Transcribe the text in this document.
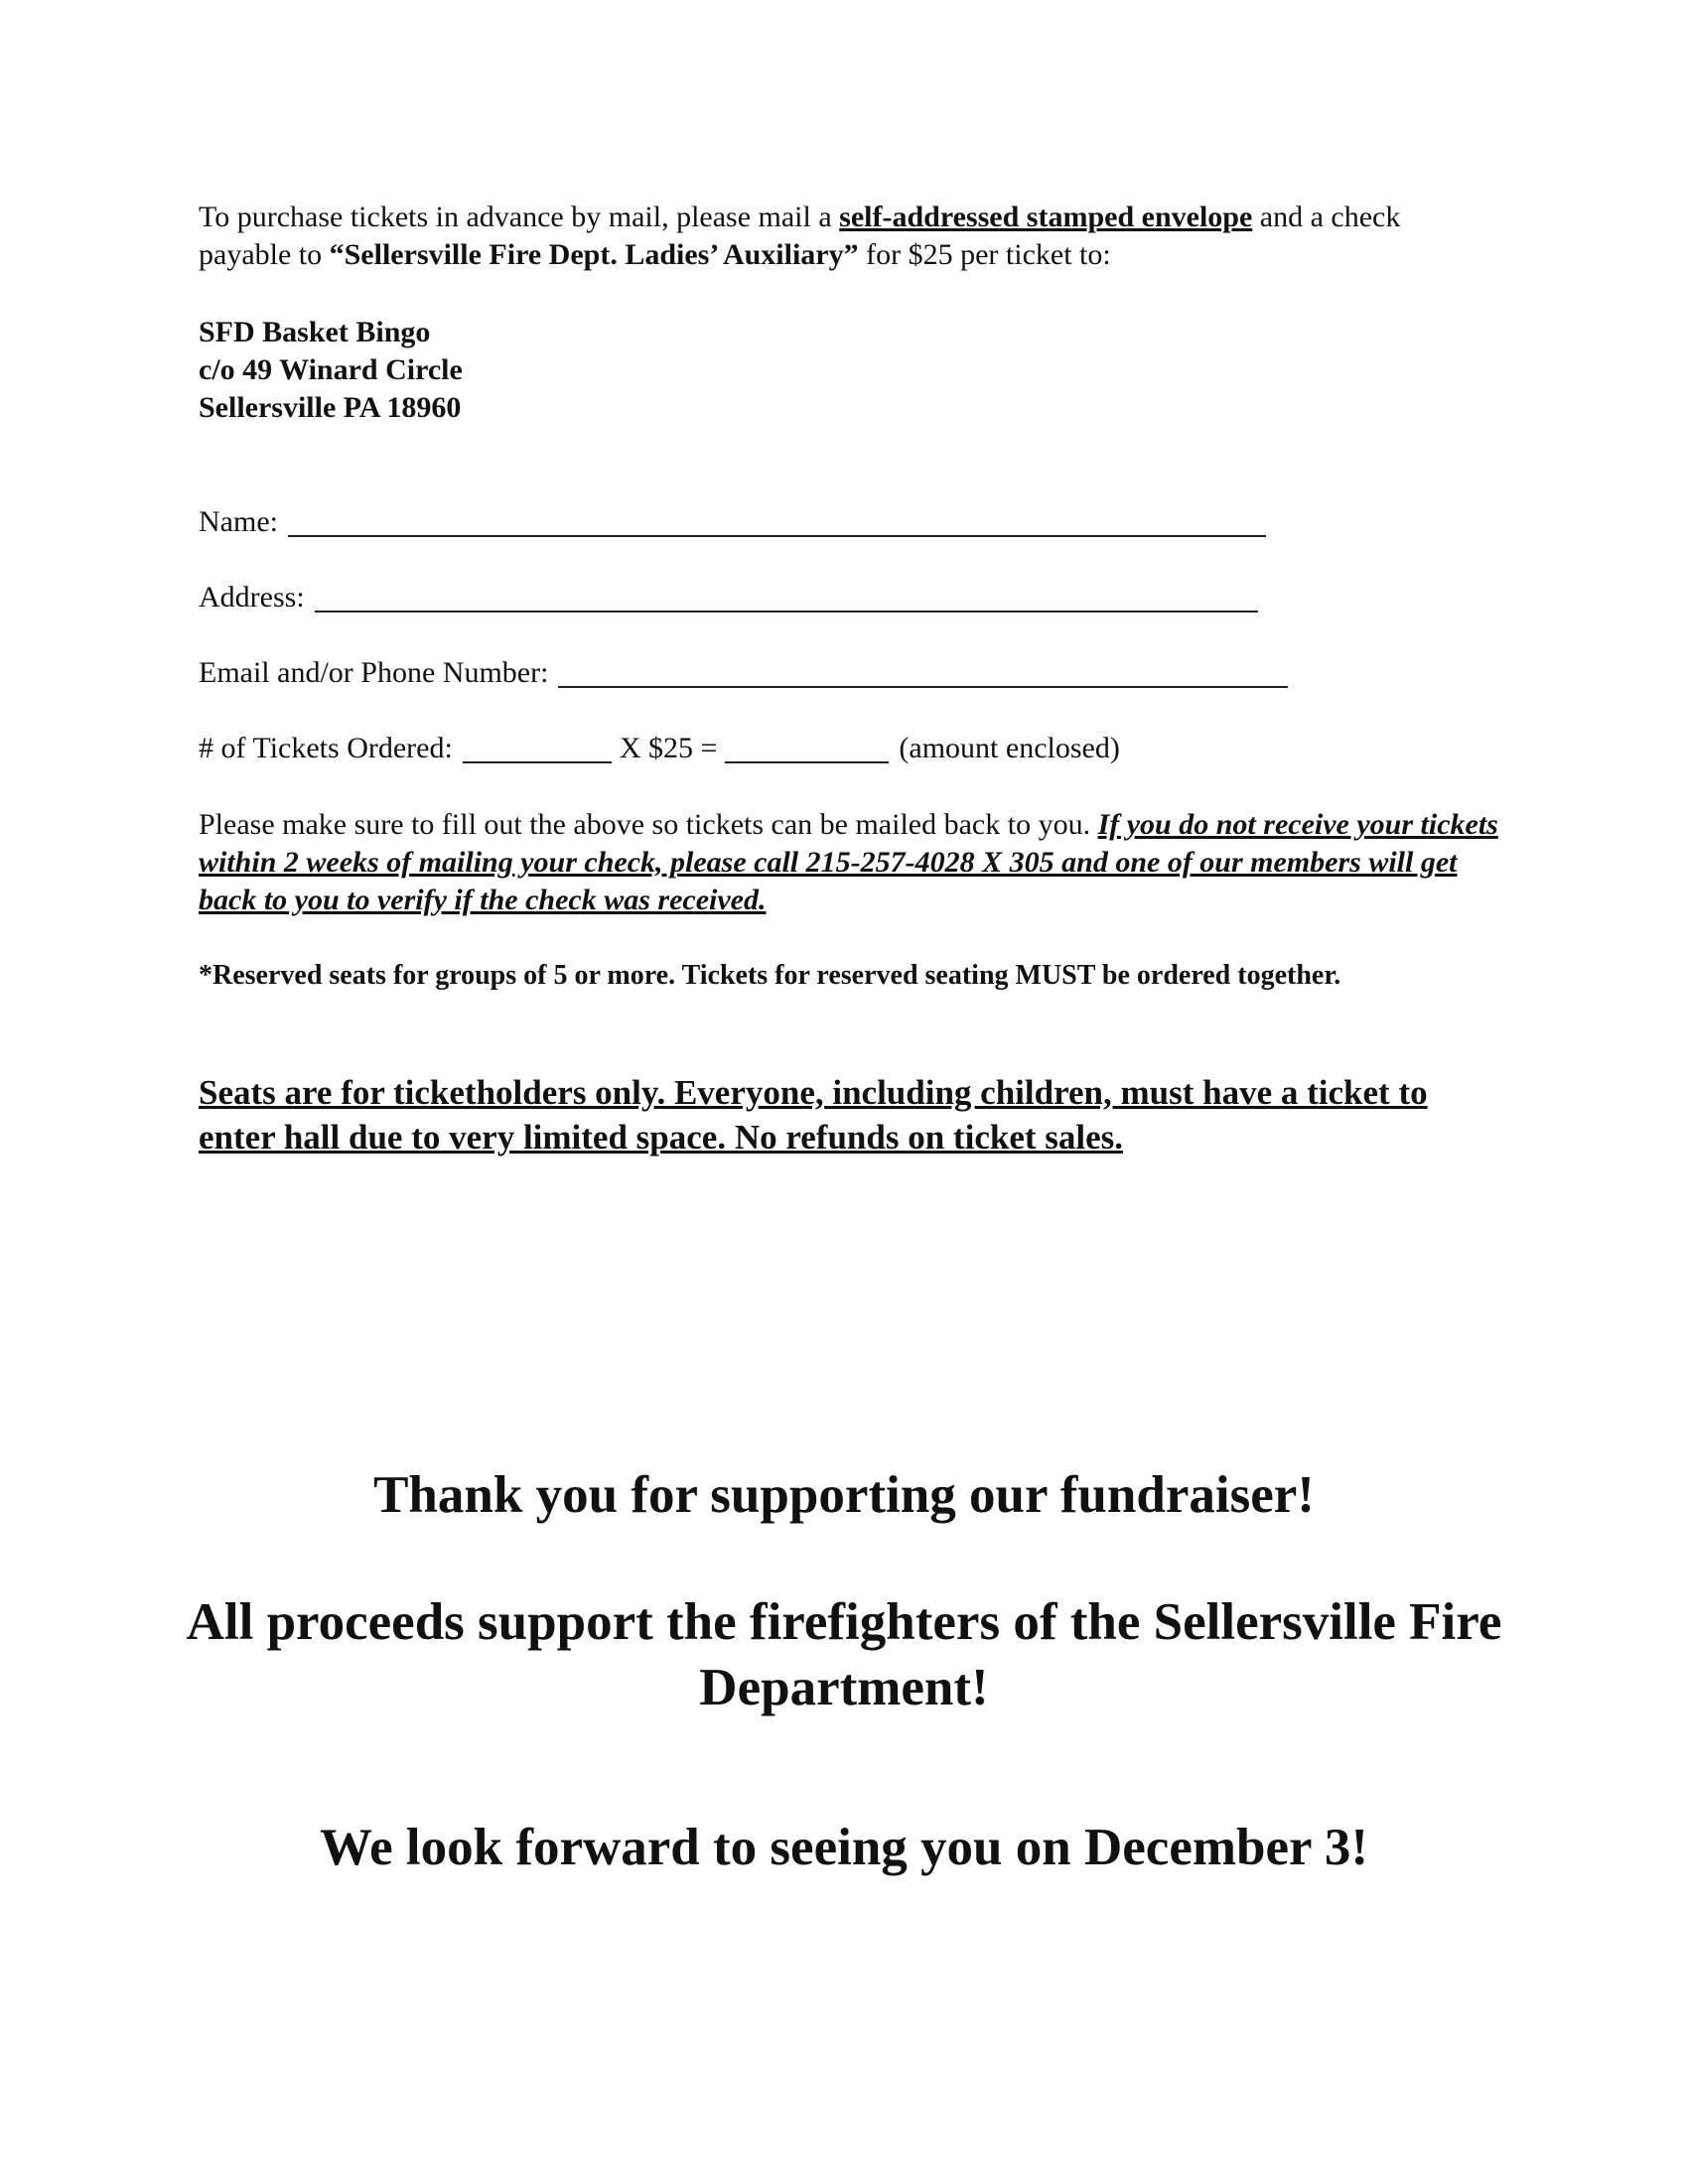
To purchase tickets in advance by mail, please mail a self-addressed stamped envelope and a check payable to “Sellersville Fire Dept. Ladies’ Auxiliary” for $25 per ticket to:
SFD Basket Bingo
c/o 49 Winard Circle
Sellersville PA 18960
Name:
Address:
Email and/or Phone Number:
# of Tickets Ordered:	X $25 =	(amount enclosed)
Please make sure to fill out the above so tickets can be mailed back to you. If you do not receive your tickets within 2 weeks of mailing your check, please call 215-257-4028 X 305 and one of our members will get back to you to verify if the check was received.
*Reserved seats for groups of 5 or more. Tickets for reserved seating MUST be ordered together.
Seats are for ticketholders only. Everyone, including children, must have a ticket to enter hall due to very limited space. No refunds on ticket sales.
Thank you for supporting our fundraiser!
All proceeds support the firefighters of the Sellersville Fire Department!
We look forward to seeing you on December 3!
